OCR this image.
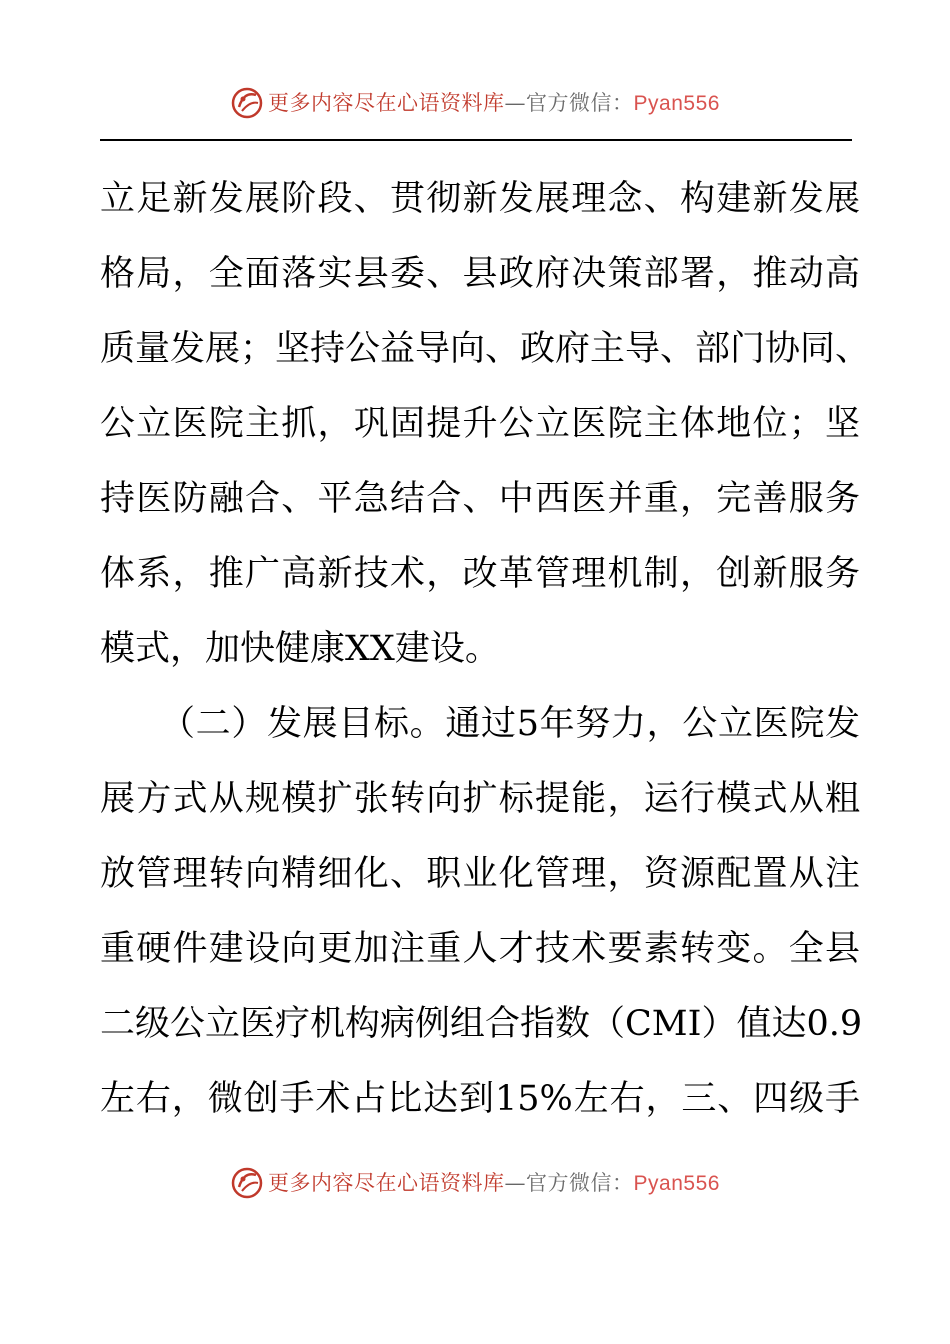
更多内容尽在心语资料库—官方微信：Pyan556
立足新发展阶段、贯彻新发展理念、构建新发展
格局，全面落实县委、县政府决策部署，推动高
质量发展；坚持公益导向、政府主导、部门协同、
公立医院主抓，巩固提升公立医院主体地位；坚
持医防融合、平急结合、中西医并重，完善服务
体系，推广高新技术，改革管理机制，创新服务
模式，加快健康XX建设。
（二）发展目标。通过5年努力，公立医院发
展方式从规模扩张转向扩标提能，运行模式从粗
放管理转向精细化、职业化管理，资源配置从注
重硬件建设向更加注重人才技术要素转变。全县
二级公立医疗机构病例组合指数（CMI）值达0.9
左右，微创手术占比达到15%左右，三、四级手
更多内容尽在心语资料库—官方微信：Pyan556
